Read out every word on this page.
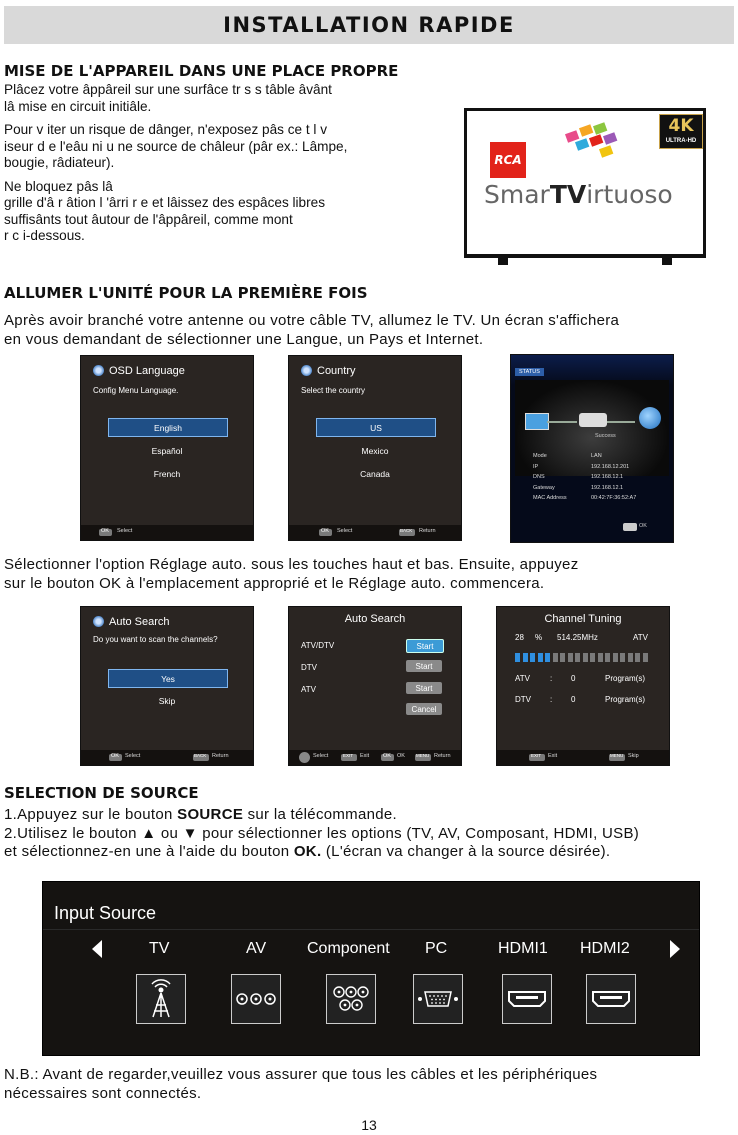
INSTALLATION RAPIDE
MISE DE L'APPAREIL DANS UNE PLACE PROPRE
Plâcez votre âppâreil sur une surfâce tr s s tâble âvânt
lâ mise en circuit initiâle.
Pour v iter un risque de dânger, n'exposez pâs ce t l v
iseur d e l'eâu ni u ne source de châleur (pâr ex.: Lâmpe,
bougie, râdiateur).
Ne bloquez pâs lâ
grille d'â r âtion l 'ârri r e et lâissez des espâces libres
suffisânts tout âutour de l'âppâreil, comme mont
r c i-dessous.
RCA
4K
ULTRA-HD
SmarTVirtuoso
ALLUMER L'UNITÉ POUR LA PREMIÈRE FOIS
Après avoir branché votre antenne ou votre câble TV, allumez le TV. Un écran s'affichera
en vous demandant de sélectionner une Langue, un Pays et Internet.
OSD Language
Config Menu Language.
English
Español
French
OK Select
Country
Select the country
US
Mexico
Canada
OK Select	BACK Return
STATUS
Success
Mode	LAN
IP	192.168.12.201
DNS	192.168.12.1
Gateway	192.168.12.1
MAC Address	00:42:7F:36:52:A7
OK
Sélectionner l'option Réglage auto. sous les touches haut et bas. Ensuite, appuyez
sur le bouton OK à l'emplacement approprié et le Réglage auto. commencera.
Auto Search
Do you want to scan the channels?
Yes
Skip
OK Select	BACK Return
Auto Search
ATV/DTV	Start
DTV	Start
ATV	Start
Cancel
Select	EXIT Exit	OK OK MENU Return
Channel Tuning
28 % 514.25MHz	ATV
ATV	: 0	Program(s)
DTV : 0	Program(s)
EXIT Exit	MENU Skip
SELECTION DE SOURCE
1.Appuyez sur le bouton SOURCE sur la télécommande.
2.Utilisez le bouton ▲ ou ▼ pour sélectionner les options (TV, AV, Composant, HDMI, USB)
et sélectionnez-en une à l'aide du bouton OK. (L'écran va changer à la source désirée).
Input Source
TV	AV	Component PC	HDMI1 HDMI2
N.B.: Avant de regarder,veuillez vous assurer que tous les câbles et les périphériques
nécessaires sont connectés.
13
